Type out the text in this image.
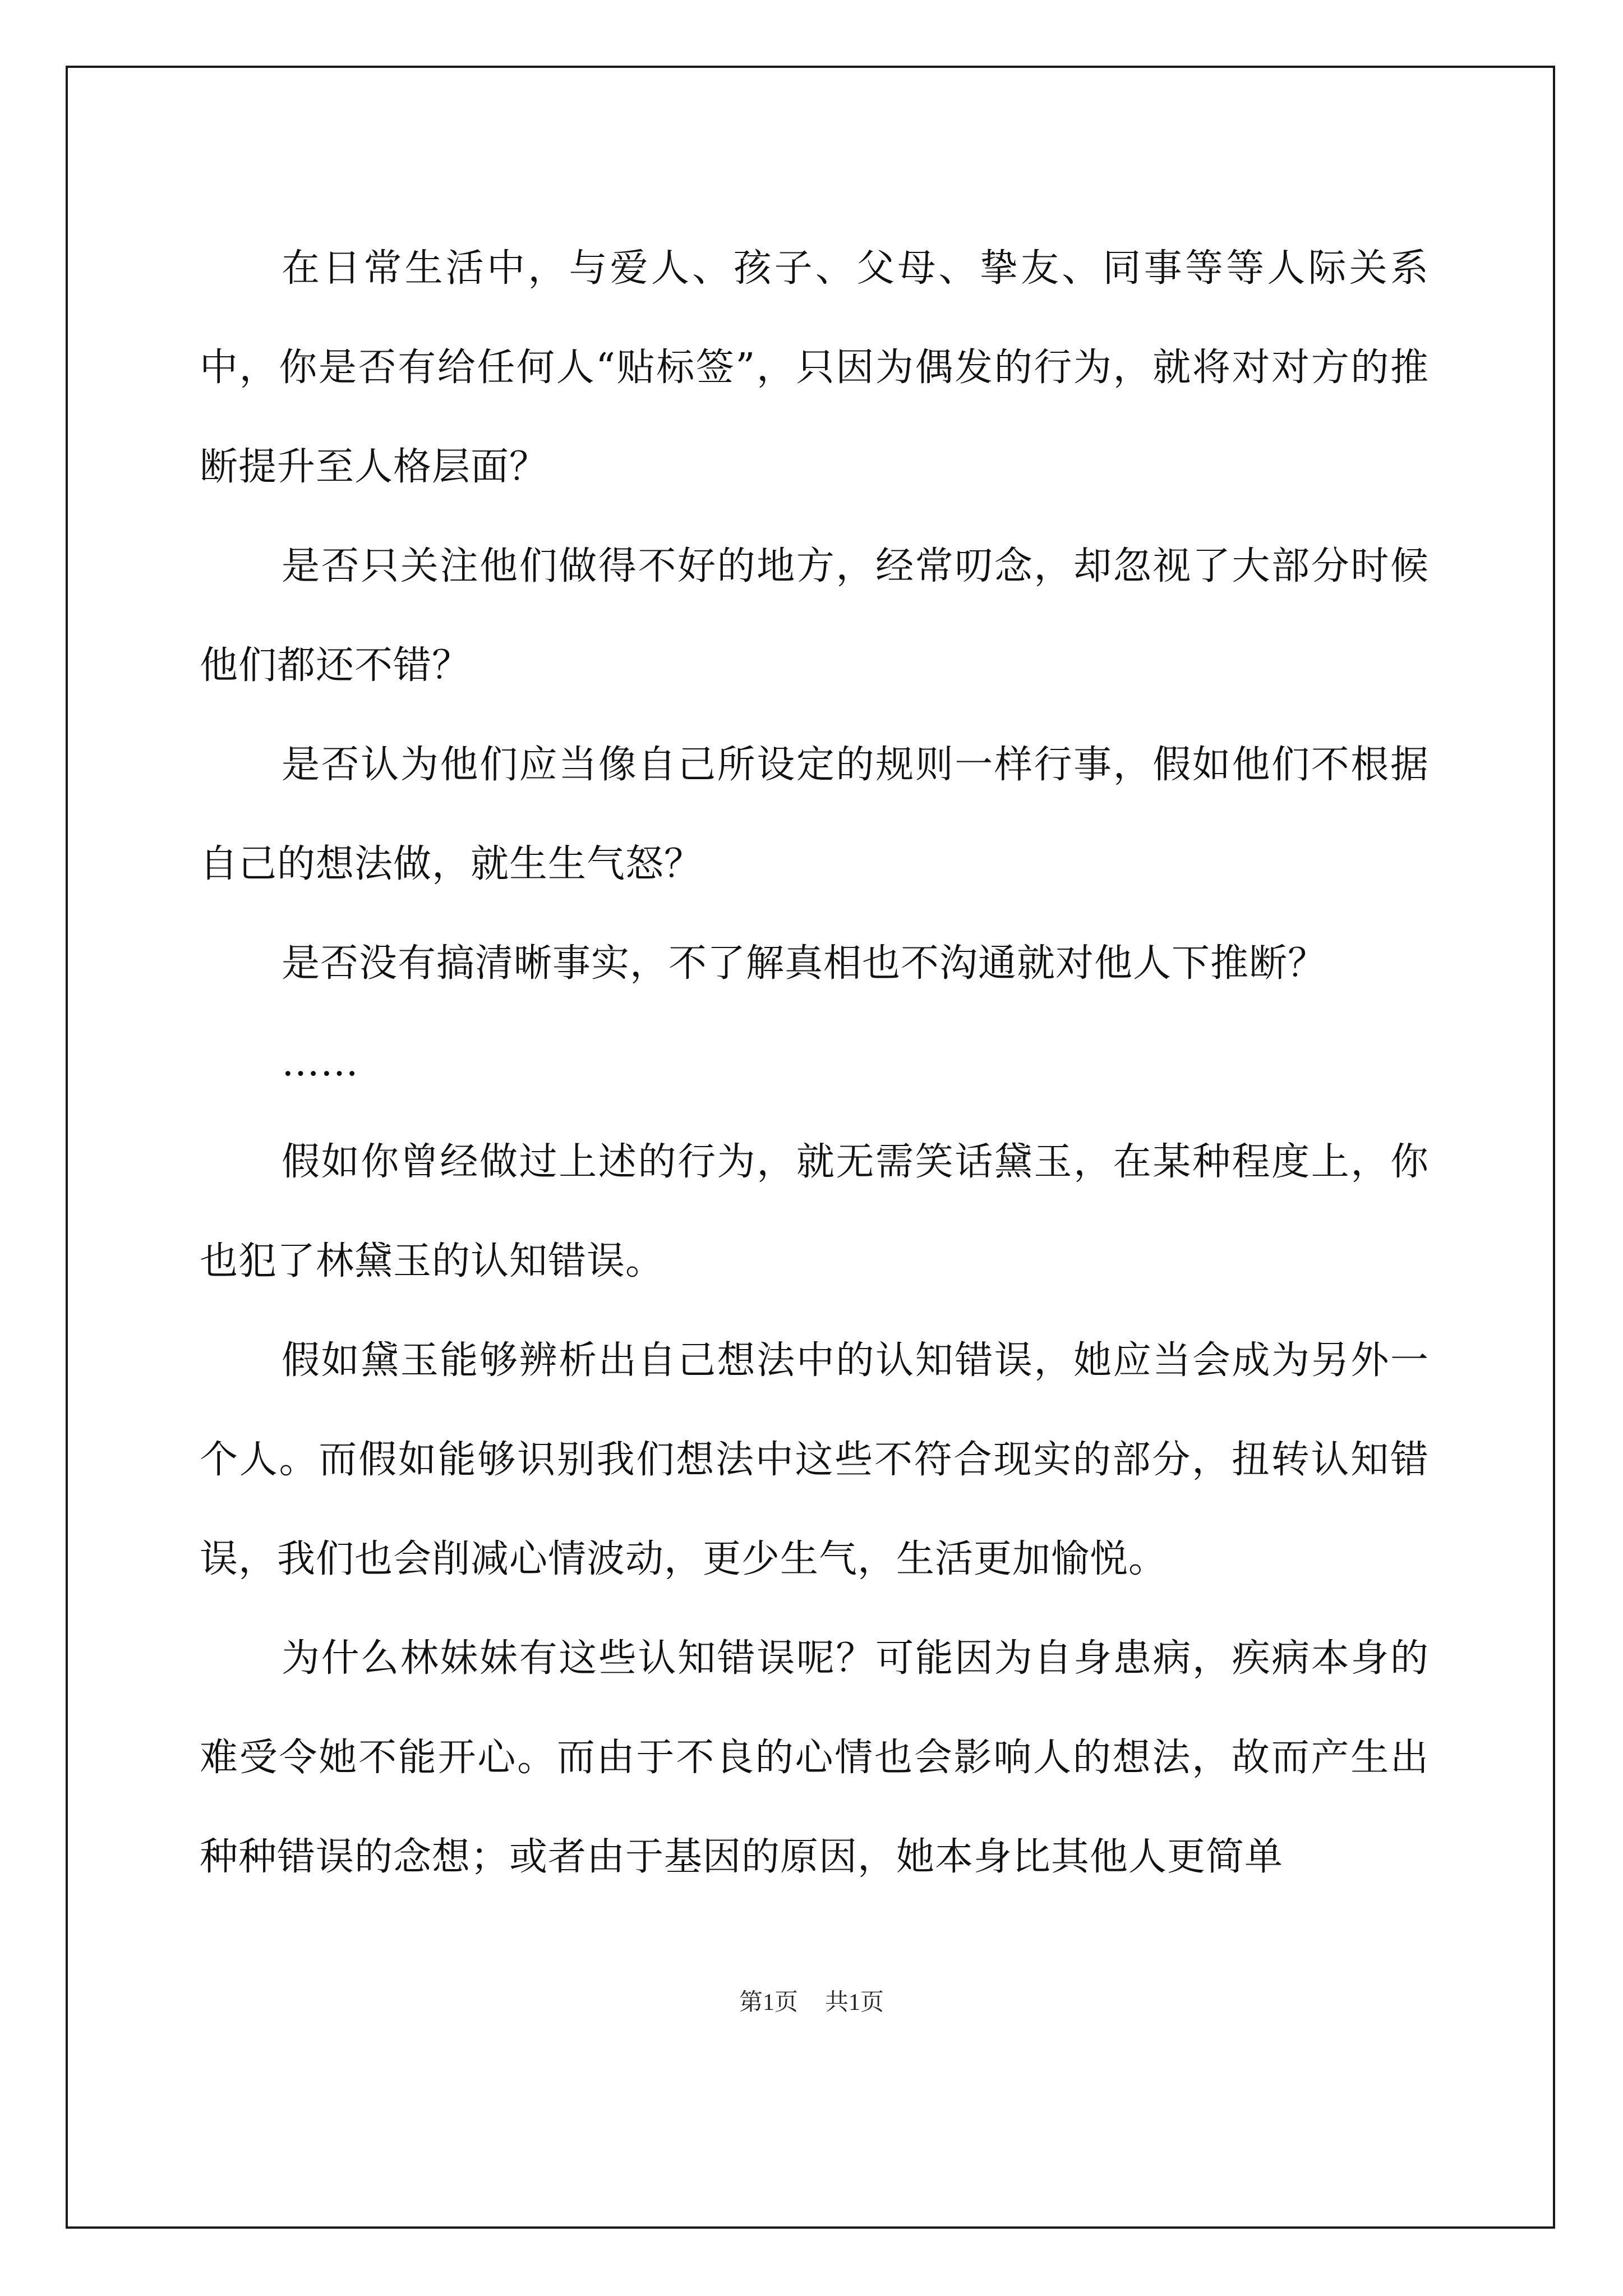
在日常生活中，与爱人、孩子、父母、挚友、同事等等人际关系中，你是否有给任何人“贴标签”，只因为偶发的行为，就将对对方的推断提升至人格层面？

是否只关注他们做得不好的地方，经常叨念，却忽视了大部分时候他们都还不错？

是否认为他们应当像自己所设定的规则一样行事，假如他们不根据自己的想法做，就生生气怒？

是否没有搞清晰事实，不了解真相也不沟通就对他人下推断？

……

假如你曾经做过上述的行为，就无需笑话黛玉，在某种程度上，你也犯了林黛玉的认知错误。

假如黛玉能够辨析出自己想法中的认知错误，她应当会成为另外一个人。而假如能够识别我们想法中这些不符合现实的部分，扭转认知错误，我们也会削减心情波动，更少生气，生活更加愉悦。

为什么林妹妹有这些认知错误呢？可能因为自身患病，疾病本身的难受令她不能开心。而由于不良的心情也会影响人的想法，故而产生出种种错误的念想；或者由于基因的原因，她本身比其他人更简单

第1页 共1页
